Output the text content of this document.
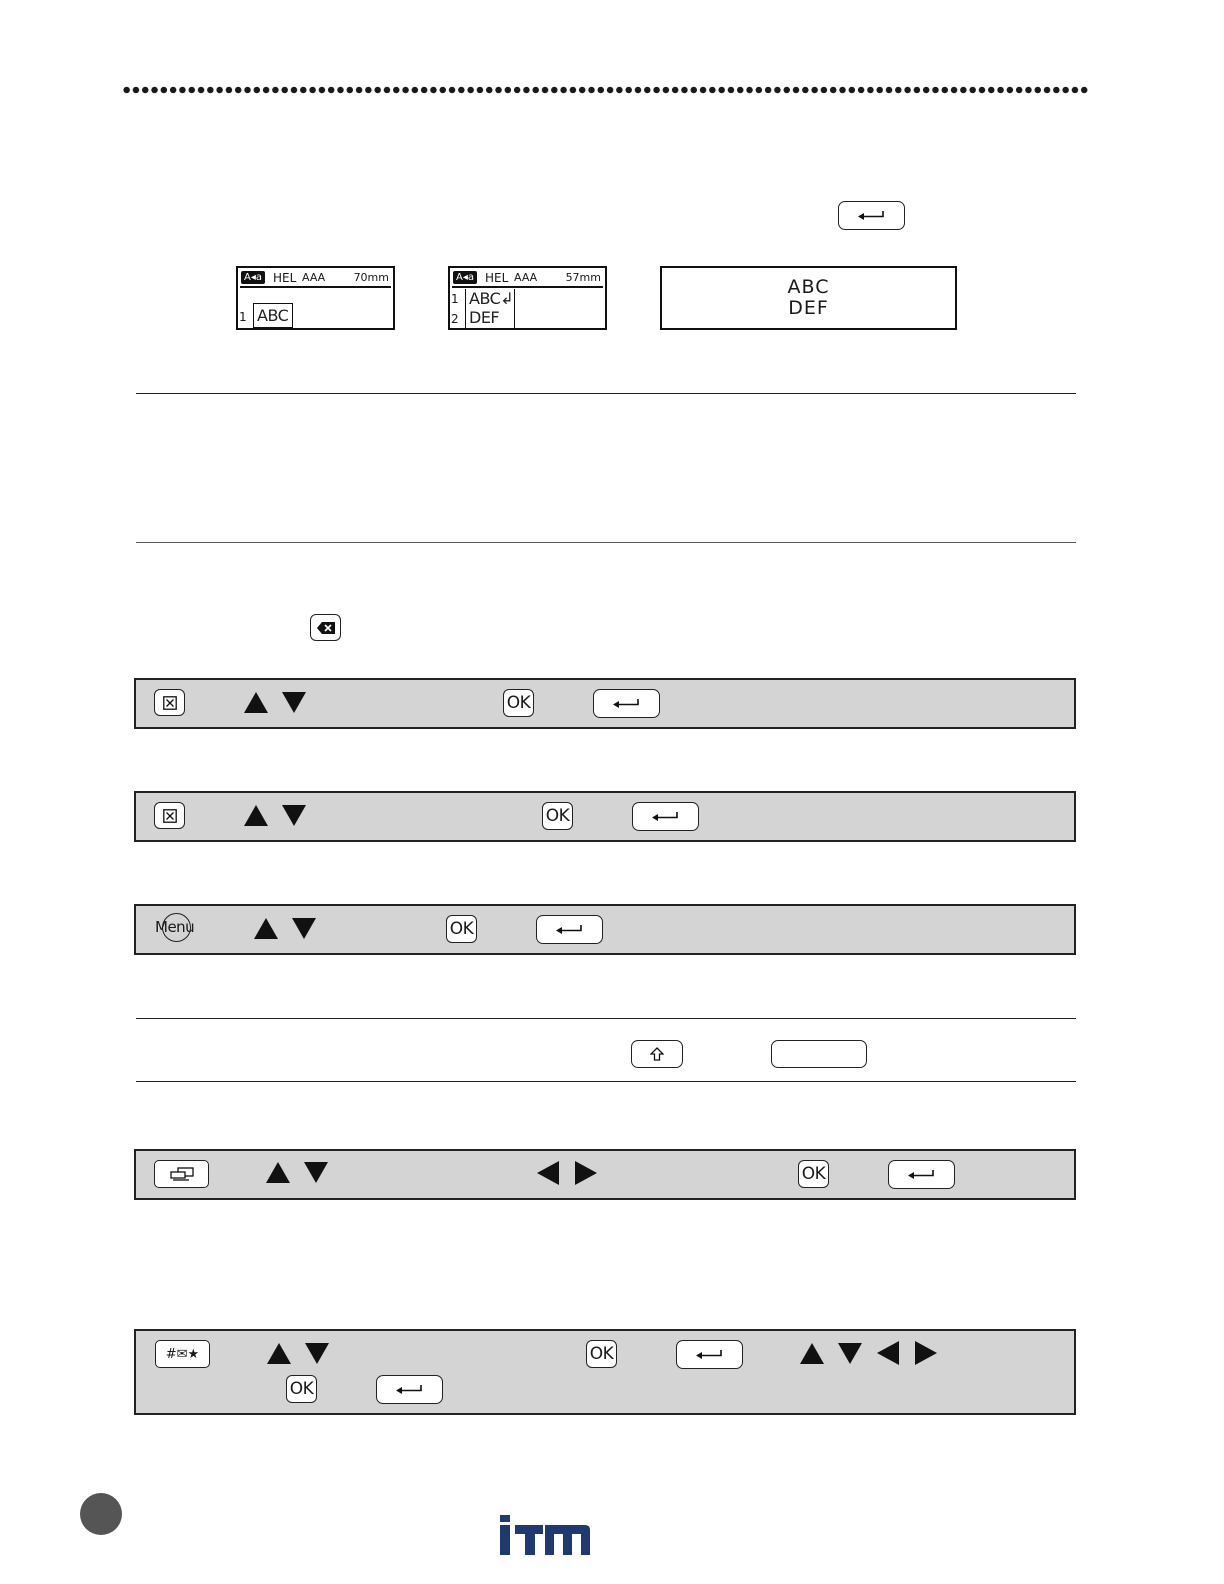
A◂a HEL AAA	70mm
1 ABC
A◂a HEL AAA	57mm
1
2
ABC↲
DEF
ABC
DEF
OK
OK
Menu	OK
OK
#✉★	OK
OK
